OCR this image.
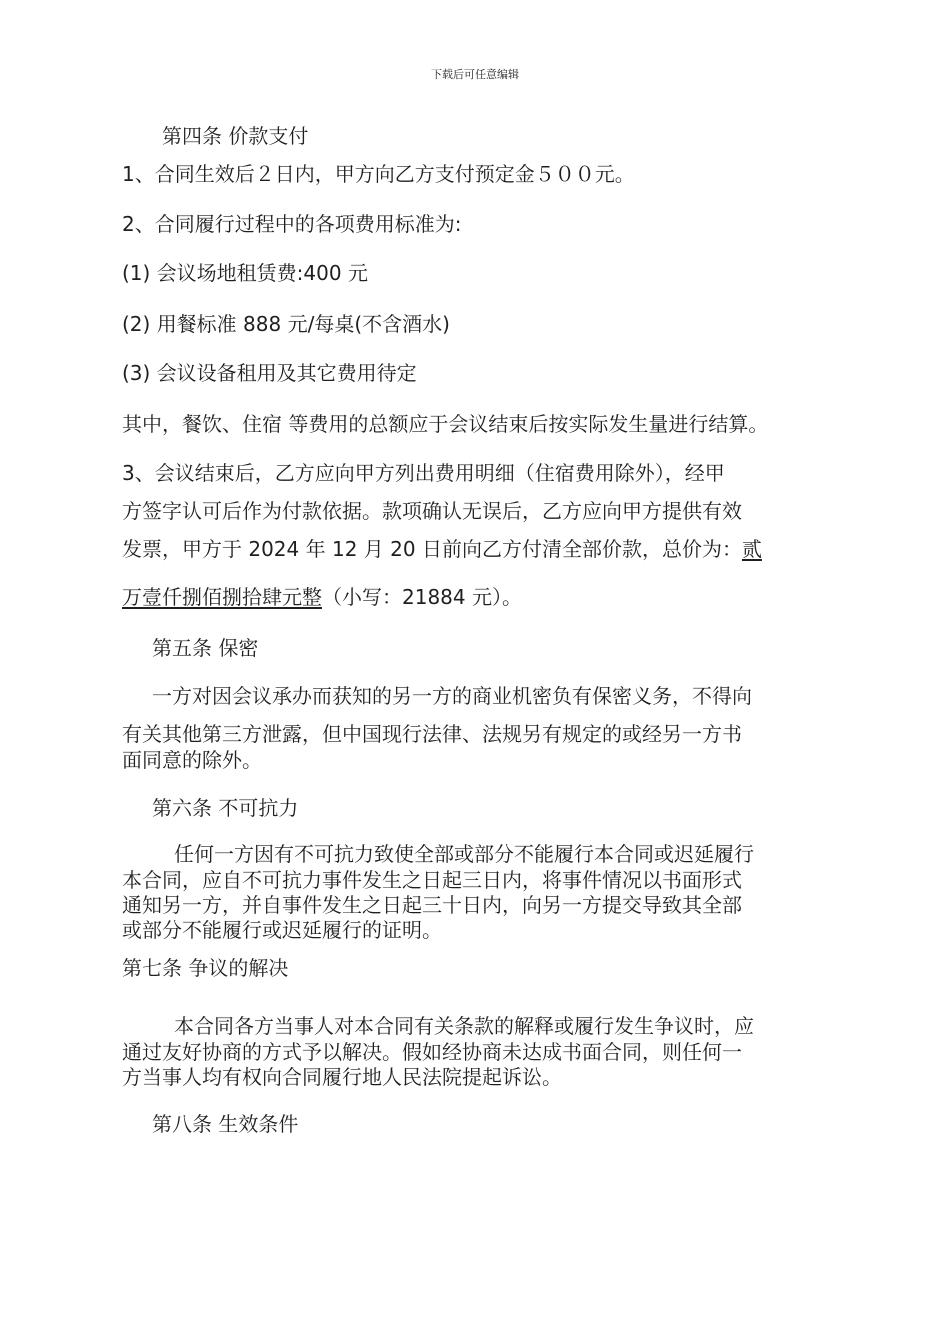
下载后可任意编辑
第四条 价款支付
1、合同生效后２日内，甲方向乙方支付预定金５００元。
2、合同履行过程中的各项费用标准为:
(1) 会议场地租赁费:400 元
(2) 用餐标准 888 元/每桌(不含酒水)
(3) 会议设备租用及其它费用待定
其中，餐饮、住宿 等费用的总额应于会议结束后按实际发生量进行结算。
3、会议结束后，乙方应向甲方列出费用明细（住宿费用除外），经甲
方签字认可后作为付款依据。款项确认无误后，乙方应向甲方提供有效
发票，甲方于 2024 年 12 月 20 日前向乙方付清全部价款，总价为：贰
万壹仟捌佰捌拾肆元整（小写：21884 元）。
第五条 保密
一方对因会议承办而获知的另一方的商业机密负有保密义务，不得向
有关其他第三方泄露，但中国现行法律、法规另有规定的或经另一方书
面同意的除外。
第六条 不可抗力
任何一方因有不可抗力致使全部或部分不能履行本合同或迟延履行
本合同，应自不可抗力事件发生之日起三日内，将事件情况以书面形式
通知另一方，并自事件发生之日起三十日内，向另一方提交导致其全部
或部分不能履行或迟延履行的证明。
第七条 争议的解决
本合同各方当事人对本合同有关条款的解释或履行发生争议时，应
通过友好协商的方式予以解决。假如经协商未达成书面合同，则任何一
方当事人均有权向合同履行地人民法院提起诉讼。
第八条 生效条件
